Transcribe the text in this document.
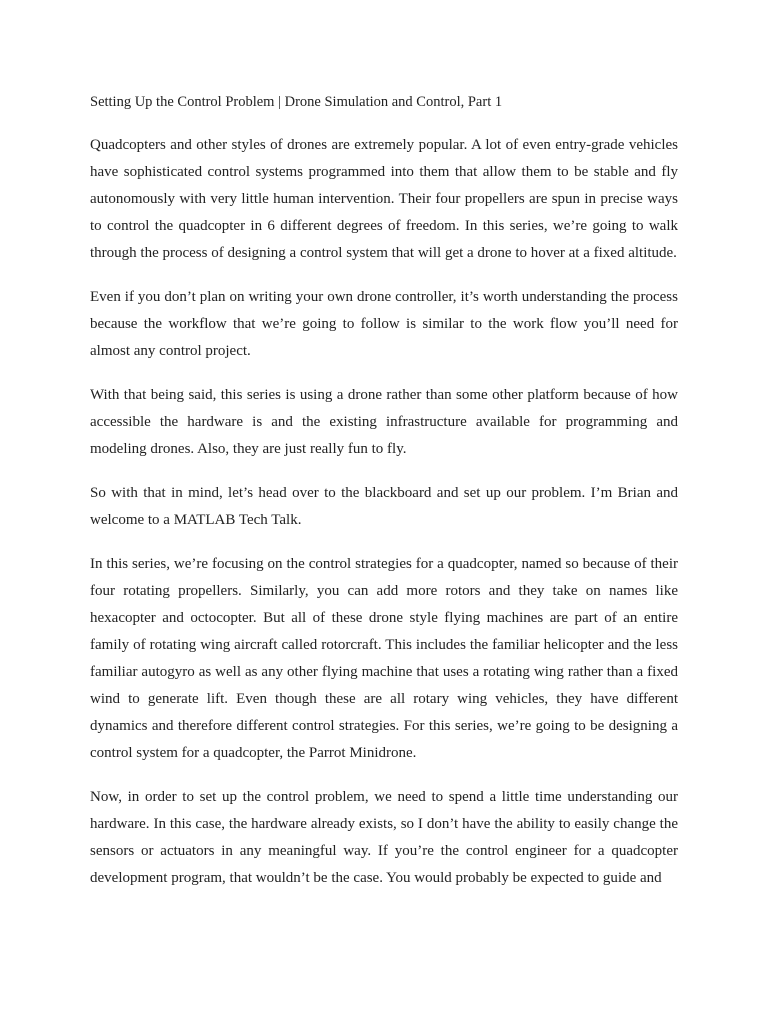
Setting Up the Control Problem | Drone Simulation and Control, Part 1

Quadcopters and other styles of drones are extremely popular. A lot of even entry-grade vehicles have sophisticated control systems programmed into them that allow them to be stable and fly autonomously with very little human intervention. Their four propellers are spun in precise ways to control the quadcopter in 6 different degrees of freedom. In this series, we’re going to walk through the process of designing a control system that will get a drone to hover at a fixed altitude.

Even if you don’t plan on writing your own drone controller, it’s worth understanding the process because the workflow that we’re going to follow is similar to the work flow you’ll need for almost any control project.

With that being said, this series is using a drone rather than some other platform because of how accessible the hardware is and the existing infrastructure available for programming and modeling drones. Also, they are just really fun to fly.

So with that in mind, let’s head over to the blackboard and set up our problem. I’m Brian and welcome to a MATLAB Tech Talk.

In this series, we’re focusing on the control strategies for a quadcopter, named so because of their four rotating propellers. Similarly, you can add more rotors and they take on names like hexacopter and octocopter. But all of these drone style flying machines are part of an entire family of rotating wing aircraft called rotorcraft. This includes the familiar helicopter and the less familiar autogyro as well as any other flying machine that uses a rotating wing rather than a fixed wind to generate lift. Even though these are all rotary wing vehicles, they have different dynamics and therefore different control strategies. For this series, we’re going to be designing a control system for a quadcopter, the Parrot Minidrone.

Now, in order to set up the control problem, we need to spend a little time understanding our hardware. In this case, the hardware already exists, so I don’t have the ability to easily change the sensors or actuators in any meaningful way. If you’re the control engineer for a quadcopter development program, that wouldn’t be the case. You would probably be expected to guide and
